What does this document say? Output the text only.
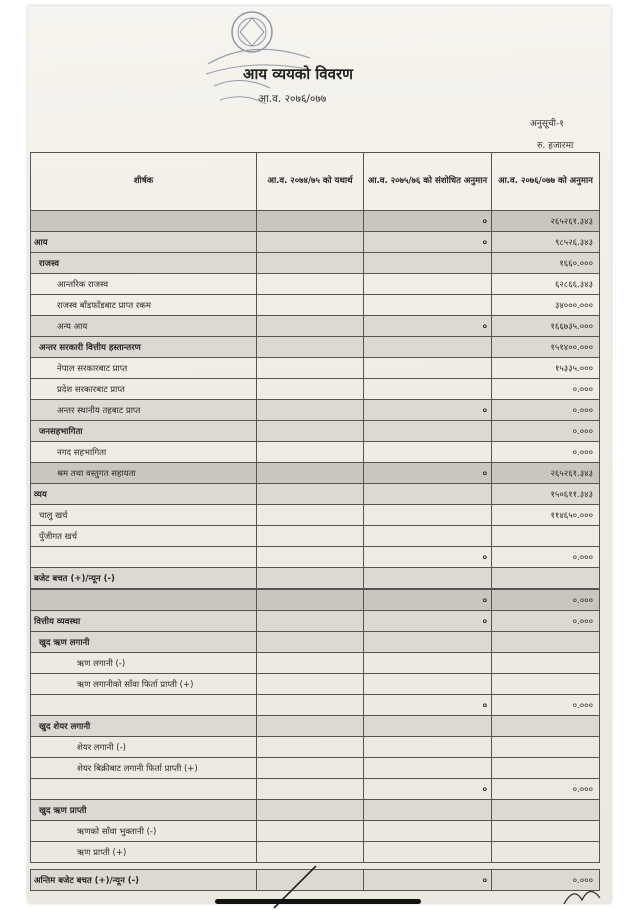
आय व्ययको विवरण
आ.व. २०७६/०७७
अनुसूची-१
रु. हजारमा
शीर्षक	आ.व. २०७४/७५ को यथार्थ	आ.व. २०७५/७६ को संशोधित अनुमान	आ.व. २०७६/०७७ को अनुमान
		०	२६५२६१.३४३
आय		०	९८५२६.३४३
राजस्व			१६६०.०००
आन्तरिक राजस्व			६२८६६.३४३
राजस्व बाँडफाँडबाट प्राप्त रकम			३४०००.०००
अन्य आय		०	१६६७३५.०००
अन्तर सरकारी वित्तीय हस्तान्तरण			१५१४००.०००
नेपाल सरकारबाट प्राप्त			१५३३५.०००
प्रदेश सरकारबाट प्राप्त			०.०००
अन्तर स्थानीय तहबाट प्राप्त		०	०.०००
जनसहभागिता			०.०००
नगद सहभागिता			०.०००
श्रम तथा वस्तुगत सहायता		०	२६५२६१.३४३
व्यय			१५०६११.३४३
चालु खर्च			११४६५०.०००
पुँजीगत खर्च			
		०	०.०००
बजेट बचत (+)/न्यून (-)			
		०	०.०००
वित्तीय व्यवस्था		०	०.०००
खुद ऋण लगानी			
ऋण लगानी (-)			
ऋण लगानीको साँवा फिर्ता प्राप्ती (+)			
		०	०.०००
खुद शेयर लगानी			
शेयर लगानी (-)			
शेयर बिक्रीबाट लगानी फिर्ता प्राप्ती (+)			
		०	०.०००
खुद ऋण प्राप्ती			
ऋणको साँवा भुक्तानी (-)			
ऋण प्राप्ती (+)			
अन्तिम बजेट बचत (+)/न्यून (-)		०	०.०००
